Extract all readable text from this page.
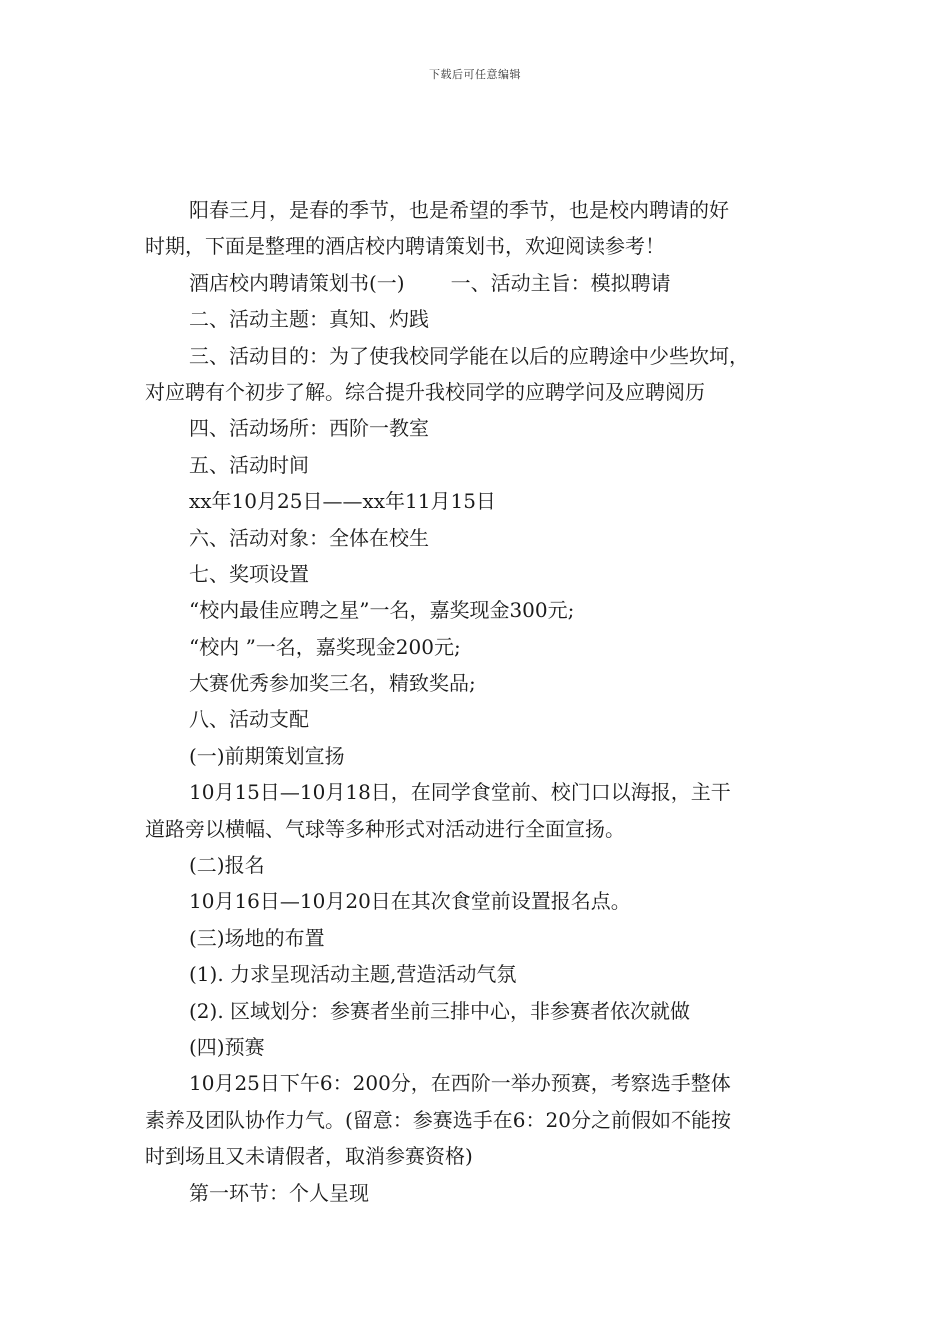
下载后可任意编辑
阳春三月，是春的季节，也是希望的季节，也是校内聘请的好
时期，下面是整理的酒店校内聘请策划书，欢迎阅读参考！
酒店校内聘请策划书(一) 一、活动主旨：模拟聘请
二、活动主题：真知、灼践
三、活动目的：为了使我校同学能在以后的应聘途中少些坎坷，
对应聘有个初步了解。综合提升我校同学的应聘学问及应聘阅历
四、活动场所：西阶一教室
五、活动时间
xx年10月25日——xx年11月15日
六、活动对象：全体在校生
七、奖项设置
“校内最佳应聘之星”一名，嘉奖现金300元;
“校内 ”一名，嘉奖现金200元;
大赛优秀参加奖三名，精致奖品;
八、活动支配
(一)前期策划宣扬
10月15日—10月18日，在同学食堂前、校门口以海报，主干
道路旁以横幅、气球等多种形式对活动进行全面宣扬。
(二)报名
10月16日—10月20日在其次食堂前设置报名点。
(三)场地的布置
(1). 力求呈现活动主题,营造活动气氛
(2). 区域划分：参赛者坐前三排中心，非参赛者依次就做
(四)预赛
10月25日下午6：200分，在西阶一举办预赛，考察选手整体
素养及团队协作力气。(留意：参赛选手在6：20分之前假如不能按
时到场且又未请假者，取消参赛资格)
第一环节：个人呈现
